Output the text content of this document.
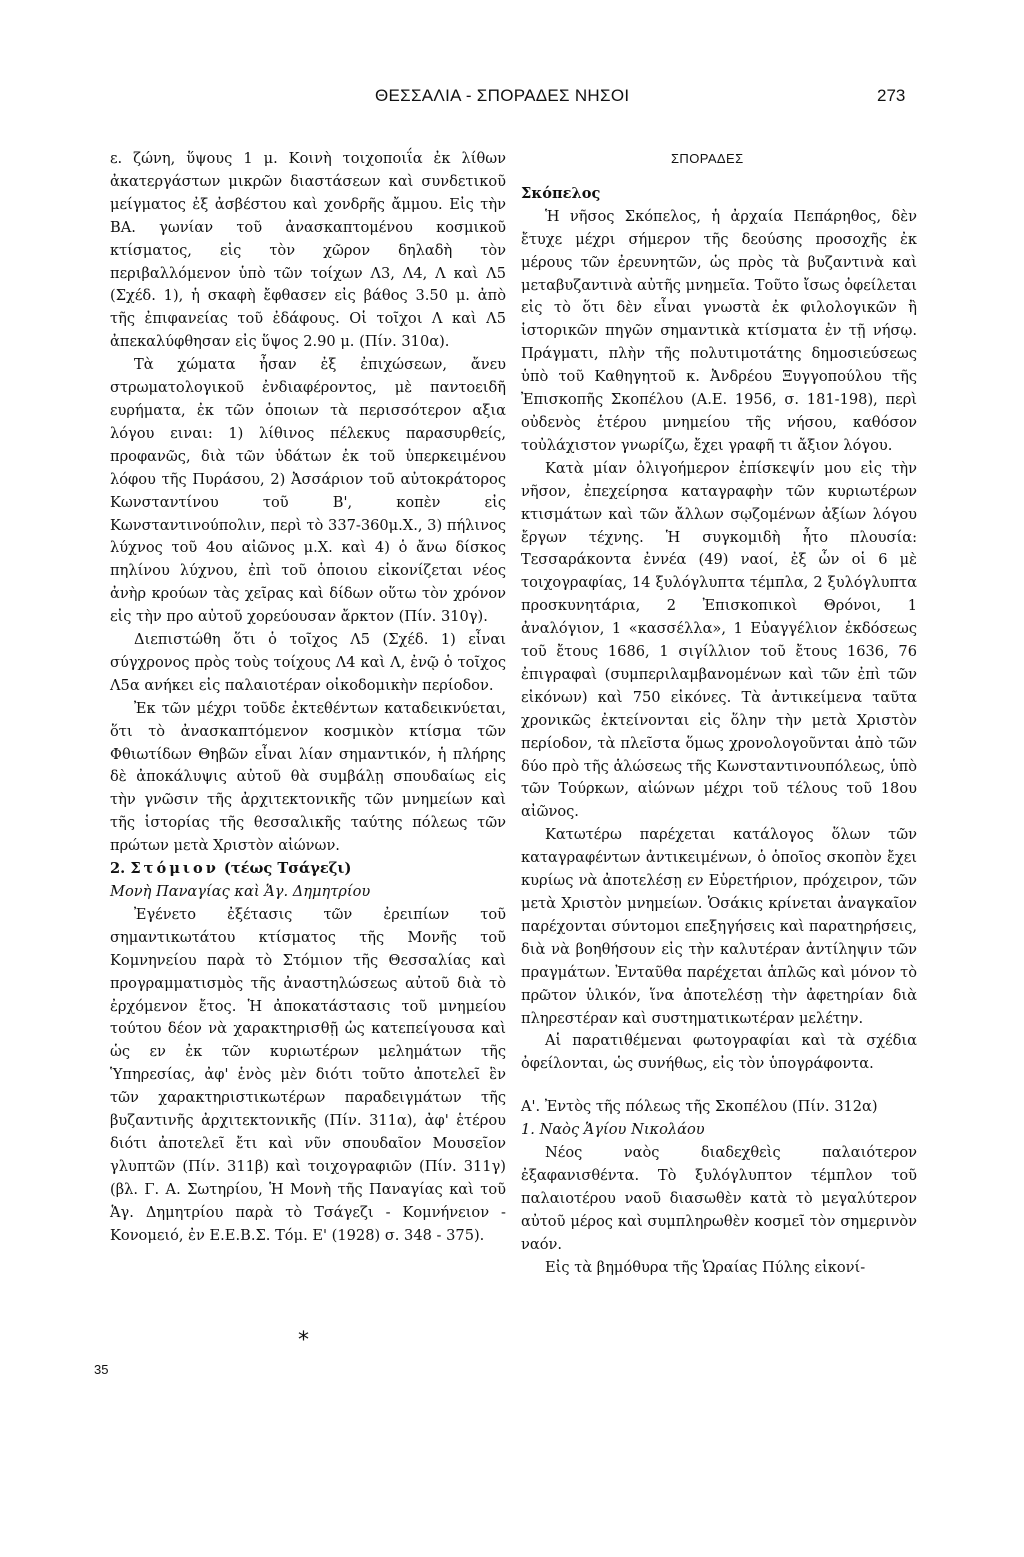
ΘΕΣΣΑΛΙΑ - ΣΠΟΡΑΔΕΣ ΝΗΣΟΙ	273

ε. ζώνη, ὕψους 1 μ. Κοινὴ τοιχοποιΐα ἐκ λίθων ἀκατεργάστων μικρῶν διαστάσεων καὶ συνδετικοῦ μείγματος ἐξ ἀσβέστου καὶ χονδρῆς ἄμμου. Εἰς τὴν ΒΑ. γωνίαν τοῦ ἀνασκαπτομένου κοσμικοῦ κτίσματος, εἰς τὸν χῶρον δηλαδὴ τὸν περιβαλλόμενον ὑπὸ τῶν τοίχων Λ3, Λ4, Λ καὶ Λ5 (Σχέδ. 1), ἡ σκαφὴ ἔφθασεν εἰς βάθος 3.50 μ. ἀπὸ τῆς ἐπιφανείας τοῦ ἐδάφους. Οἱ τοῖχοι Λ καὶ Λ5 ἀπεκαλύφθησαν εἰς ὕψος 2.90 μ. (Πίν. 310α).

Τὰ χώματα ἦσαν ἐξ ἐπιχώσεων, ἄνευ στρωματολογικοῦ ἐνδιαφέροντος, μὲ παντοειδῆ ευρήματα, ἐκ τῶν ὁποιων τὰ περισσότερον αξια λόγου ειναι: 1) λίθινος πέλεκυς παρασυρθείς, προφανῶς, διὰ τῶν ὑδάτων ἐκ τοῦ ὑπερκειμένου λόφου τῆς Πυράσου, 2) Ἀσσάριον τοῦ αὐτοκράτορος Κωνσταντίνου τοῦ Β', κοπὲν εἰς Κωνσταντινούπολιν, περὶ τὸ 337-360μ.Χ., 3) πήλινος λύχνος τοῦ 4ου αἰῶνος μ.Χ. καὶ 4) ὁ ἄνω δίσκος πηλίνου λύχνου, ἐπὶ τοῦ ὁποιου εἰκονίζεται νέος ἀνὴρ κρούων τὰς χεῖρας καὶ δίδων οὕτω τὸν χρόνον εἰς τὴν προ αὐτοῦ χορεύουσαν ἄρκτον (Πίν. 310γ).

Διεπιστώθη ὅτι ὁ τοῖχος Λ5 (Σχέδ. 1) εἶναι σύγχρονος πρὸς τοὺς τοίχους Λ4 καὶ Λ, ἐνῷ ὁ τοῖχος Λ5α ανήκει εἰς παλαιοτέραν οἰκοδομικὴν περίοδον.

Ἐκ τῶν μέχρι τοῦδε ἐκτεθέντων καταδεικνύεται, ὅτι τὸ ἀνασκαπτόμενον κοσμικὸν κτίσμα τῶν Φθιωτίδων Θηβῶν εἶναι λίαν σημαντικόν, ἡ πλήρης δὲ ἀποκάλυψις αὐτοῦ θὰ συμβάλῃ σπουδαίως εἰς τὴν γνῶσιν τῆς ἀρχιτεκτονικῆς τῶν μνημείων καὶ τῆς ἱστορίας τῆς θεσσαλικῆς ταύτης πόλεως τῶν πρώτων μετὰ Χριστὸν αἰώνων.

2. Στόμιον (τέως Τσάγεζι)

Μονὴ Παναγίας καὶ Ἁγ. Δημητρίου

Ἐγένετο ἐξέτασις τῶν ἐρειπίων τοῦ σημαντικωτάτου κτίσματος τῆς Μονῆς τοῦ Κομνηνείου παρὰ τὸ Στόμιον τῆς Θεσσαλίας καὶ προγραμματισμὸς τῆς ἀναστηλώσεως αὐτοῦ διὰ τὸ ἐρχόμενον ἔτος. Ἡ ἀποκατάστασις τοῦ μνημείου τούτου δέον νὰ χαρακτηρισθῇ ὡς κατεπείγουσα καὶ ὡς εν ἐκ τῶν κυριωτέρων μελημάτων τῆς Ὑπηρεσίας, ἀφ' ἑνὸς μὲν διότι τοῦτο ἀποτελεῖ ἓν τῶν χαρακτηριστικωτέρων παραδειγμάτων τῆς βυζαντινῆς ἀρχιτεκτονικῆς (Πίν. 311α), ἀφ' ἑτέρου διότι ἀποτελεῖ ἔτι καὶ νῦν σπουδαῖον Μουσεῖον γλυπτῶν (Πίν. 311β) καὶ τοιχογραφιῶν (Πίν. 311γ) (βλ. Γ. Α. Σωτηρίου, Ἡ Μονὴ τῆς Παναγίας καὶ τοῦ Ἁγ. Δημητρίου παρὰ τὸ Τσάγεζι - Κομνήνειον - Κονομειό, ἐν Ε.Ε.Β.Σ. Τόμ. Ε' (1928) σ. 348 - 375).

*
35
ΣΠΟΡΑΔΕΣ

Σκόπελος

Ἡ νῆσος Σκόπελος, ἡ ἀρχαία Πεπάρηθος, δὲν ἔτυχε μέχρι σήμερον τῆς δεούσης προσοχῆς ἐκ μέρους τῶν ἐρευνητῶν, ὡς πρὸς τὰ βυζαντινὰ καὶ μεταβυζαντινὰ αὐτῆς μνημεῖα. Τοῦτο ἴσως ὀφείλεται εἰς τὸ ὅτι δὲν εἶναι γνωστὰ ἐκ φιλολογικῶν ἢ ἱστορικῶν πηγῶν σημαντικὰ κτίσματα ἐν τῇ νήσῳ. Πράγματι, πλὴν τῆς πολυτιμοτάτης δημοσιεύσεως ὑπὸ τοῦ Καθηγητοῦ κ. Ἀνδρέου Ξυγγοπούλου τῆς Ἐπισκοπῆς Σκοπέλου (Α.Ε. 1956, σ. 181-198), περὶ οὐδενὸς ἑτέρου μνημείου τῆς νήσου, καθόσον τοὐλάχιστον γνωρίζω, ἔχει γραφῆ τι ἄξιον λόγου.

Κατὰ μίαν ὀλιγοήμερον ἐπίσκεψίν μου εἰς τὴν νῆσον, ἐπεχείρησα καταγραφὴν τῶν κυριωτέρων κτισμάτων καὶ τῶν ἄλλων σῳζομένων ἀξίων λόγου ἔργων τέχνης. Ἡ συγκομιδὴ ἦτο πλουσία: Τεσσαράκοντα ἐννέα (49) ναοί, ἐξ ὧν οἱ 6 μὲ τοιχογραφίας, 14 ξυλόγλυπτα τέμπλα, 2 ξυλόγλυπτα προσκυνητάρια, 2 Ἐπισκοπικοὶ Θρόνοι, 1 ἀναλόγιον, 1 «κασσέλλα», 1 Εὐαγγέλιον ἐκδόσεως τοῦ ἔτους 1686, 1 σιγίλλιον τοῦ ἔτους 1636, 76 ἐπιγραφαὶ (συμπεριλαμβανομένων καὶ τῶν ἐπὶ τῶν εἰκόνων) καὶ 750 εἰκόνες. Τὰ ἀντικείμενα ταῦτα χρονικῶς ἐκτείνονται εἰς ὅλην τὴν μετὰ Χριστὸν περίοδον, τὰ πλεῖστα ὅμως χρονολογοῦνται ἀπὸ τῶν δύο πρὸ τῆς ἁλώσεως τῆς Κωνσταντινουπόλεως, ὑπὸ τῶν Τούρκων, αἰώνων μέχρι τοῦ τέλους τοῦ 18ου αἰῶνος.

Κατωτέρω παρέχεται κατάλογος ὅλων τῶν καταγραφέντων ἀντικειμένων, ὁ ὁποῖος σκοπὸν ἔχει κυρίως νὰ ἀποτελέσῃ εν Εὑρετήριον, πρόχειρον, τῶν μετὰ Χριστὸν μνημείων. Ὁσάκις κρίνεται ἀναγκαῖον παρέχονται σύντομοι επεξηγήσεις καὶ παρατηρήσεις, διὰ νὰ βοηθήσουν εἰς τὴν καλυτέραν ἀντίληψιν τῶν πραγμάτων. Ἐνταῦθα παρέχεται ἁπλῶς καὶ μόνον τὸ πρῶτον ὑλικόν, ἵνα ἀποτελέσῃ τὴν ἀφετηρίαν διὰ πληρεστέραν καὶ συστηματικωτέραν μελέτην.

Αἱ παρατιθέμεναι φωτογραφίαι καὶ τὰ σχέδια ὀφείλονται, ὡς συνήθως, εἰς τὸν ὑπογράφοντα.

Α'. Ἐντὸς τῆς πόλεως τῆς Σκοπέλου (Πίν. 312α)

1. Ναὸς Ἁγίου Νικολάου

Νέος ναὸς διαδεχθεὶς παλαιότερον ἐξαφανισθέντα. Τὸ ξυλόγλυπτον τέμπλον τοῦ παλαιοτέρου ναοῦ διασωθὲν κατὰ τὸ μεγαλύτερον αὐτοῦ μέρος καὶ συμπληρωθὲν κοσμεῖ τὸν σημερινὸν ναόν.

Εἰς τὰ βημόθυρα τῆς Ὡραίας Πύλης εἰκονί-
